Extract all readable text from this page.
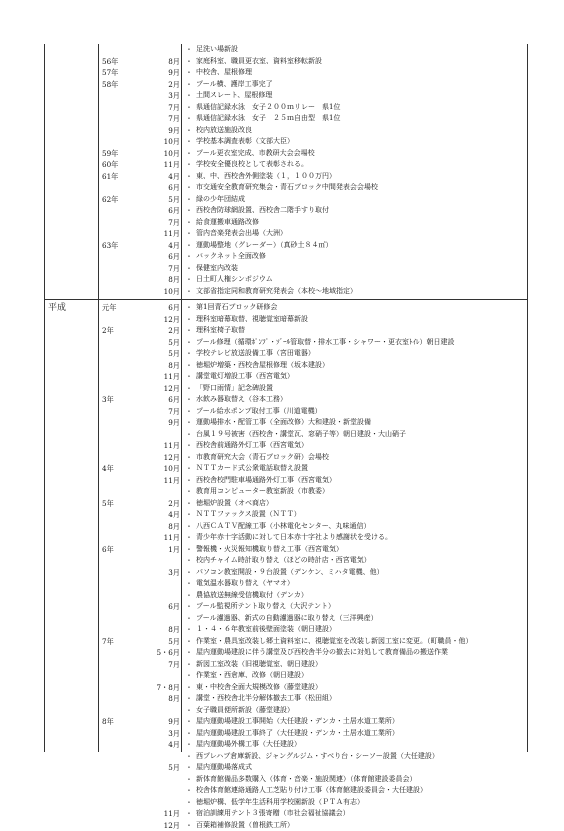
足洗い場新設
・
56年	8月 家庭科室、職員更衣室、資料室移転新設
・
57年	9月 中校舎、屋根修理
・
58年	2月 プール横、護岸工事完了
・
3月 土間スレート、屋根修理
・
7月 県通信記録水泳　女子２００ｍリレー　県1位
・
7月 県通信記録水泳　女子　２５ｍ自由型　県1位
・
9月 校内放送施設改良
・
10月 学校基本調査表彰（文部大臣）
・
59年	10月 プール更衣室完成、市教研大会会場校
・
60年	11月 学校安全優良校として表彰される。
・
61年	4月 東、中、西校舎外側塗装（１，１００万円）
・
6月 市交通安全教育研究集会・青石ブロック中間発表会会場校
・
62年	5月 緑の少年団結成
・
6月 西校舎防球網設置、西校舎二階手すり取付
・
7月 給食運搬車通路改修
・
11月 管内音楽発表会出場（大洲）
・
63年	4月 運動場整地（グレーダー）（真砂土８４㎥）
・
6月 バックネット全面改修
・
7月 保健室内改装
・
8月 日土町人権シンポジウム
・
10月 文部省指定同和教育研究発表会（本校～地域指定）
・
平成	元年	6月 第1回青石ブロック研修会
・
12月 理科室暗幕取替、視聴覚室暗幕新設
・
2年	2月 理科室椅子取替
・
5月 プール修理（循環ﾎﾟﾝﾌﾟ・ｿﾞｰﾙ管取替・排水工事・シャワー・更衣室ﾄｲﾚ）朝日建設
・
5月 学校テレビ放送設備工事（宮田電器）
・
8月 徳堀炉増築・西校舎屋根修理（坂本建設）
・
11月 講堂電灯増設工事（西宮電気）
・
12月 「野口雨情」記念碑設置
・
3年	6月 水飲み器取替え（谷本工務）
・
7月 プール給水ポンプ取付工事（川道電機）
・
9月 運動場排水・配管工事（全面改修）大和建設・新堂設備
・
台風１９号被害（西校舎・講堂瓦、窓硝子等）朝日建設・大山硝子
・
11月 西校舎前通路外灯工事（西宮電気）
・
12月 市教育研究大会（青石ブロック研）会場校
・
4年	10月 ＮＴＴカード式公衆電話取替え設置
・
11月 西校舎校門駐車場通路外灯工事（西宮電気）
・
教育用コンピューター教室新設（市教委）
・
5年	2月 徳堀炉設置（オベ商店）
・
4月 ＮＴＴファックス設置（ＮＴＴ）
・
8月 八西ＣＡＴＶ配線工事（小林電化センター、丸味通信）
・
11月 青少年赤十字活動に対して日本赤十字社より感謝状を受ける。
・
6年	1月 警報機・火災報知機取り替え工事（西宮電気）
・
校内チャイム時計取り替え（ほどの時計店・西宮電気）
・
3月 パソコン教室開設・９台設置（デンケン、ミハタ電機、他）
・
電気温水器取り替え（ヤマオ）
・
農協放送無線受信機取付（デンカ）
・
6月 プール監視所テント取り替え（大沢テント）
・
プール濾過器、新式の自動濾過器に取り替え（三洋興産）
・
8月 １・４・６年教室前後壁面塗装（朝日建設）
・
7年	5月 作業室・農具室改装し郷土資料室に、視聴覚室を改装し新図工室に変更。（町職員・他）
・
5・6月 屋内運動場建設に伴う講堂及び西校舎半分の撤去に対処して教育備品の搬送作業
・
7月 新図工室改装（旧視聴覚室、朝日建設）
・
作業室・西倉庫、改修（朝日建設）
・
7・8月 東・中校舎全面大規模改修（藤堂建設）
・
8月 講堂・西校舎北半分解体撤去工事（松田組）
・
女子職員便所新設（藤堂建設）
・
8年	9月 屋内運動場建設工事開始（大任建設・デンカ・土居水道工業所）
・
3月 屋内運動場建設工事終了（大任建設・デンカ・土居水道工業所）
・
4月 屋内運動場外構工事（大任建設）
・
西プレハブ倉庫新設、ジャングルジム・すべり台・シーソー設置（大任建設）
・
5月 屋内運動場落成式
・
新体育館備品多数購入（体育・音楽・施設関連）（体育館建設委員会）
・
校舎体育館連絡通路人工芝貼り付け工事（体育館建設委員会・大任建設）
・
徳堀炉構、低学年生活科用学校園新設（ＰＴＡ有志）
・
11月 宿泊訓練用テント３張寄贈（市社会福祉協議会）
・
12月 百葉箱補修設置（曽根鉄工所）
・
